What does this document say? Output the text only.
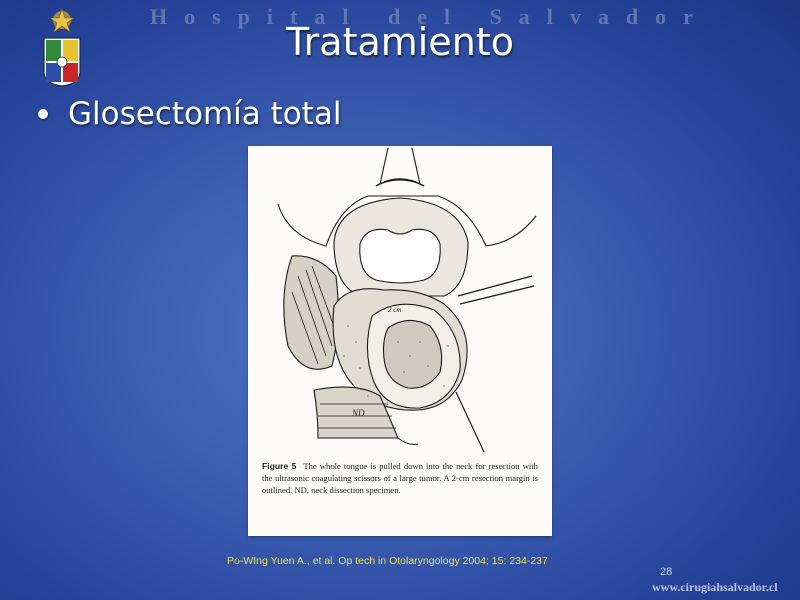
Hospital del Salvador
Tratamiento
Glosectomía total
ND
2 cm
Figure 5 The whole tongue is pulled down into the neck for resection with the ultrasonic coagulating scissors of a large tumor. A 2-cm resection margin is outlined. ND, neck dissection specimen.
Po-WIng Yuen A., et al. Op tech in Otolaryngology 2004; 15: 234-237
28
www.cirugiahsalvador.cl
